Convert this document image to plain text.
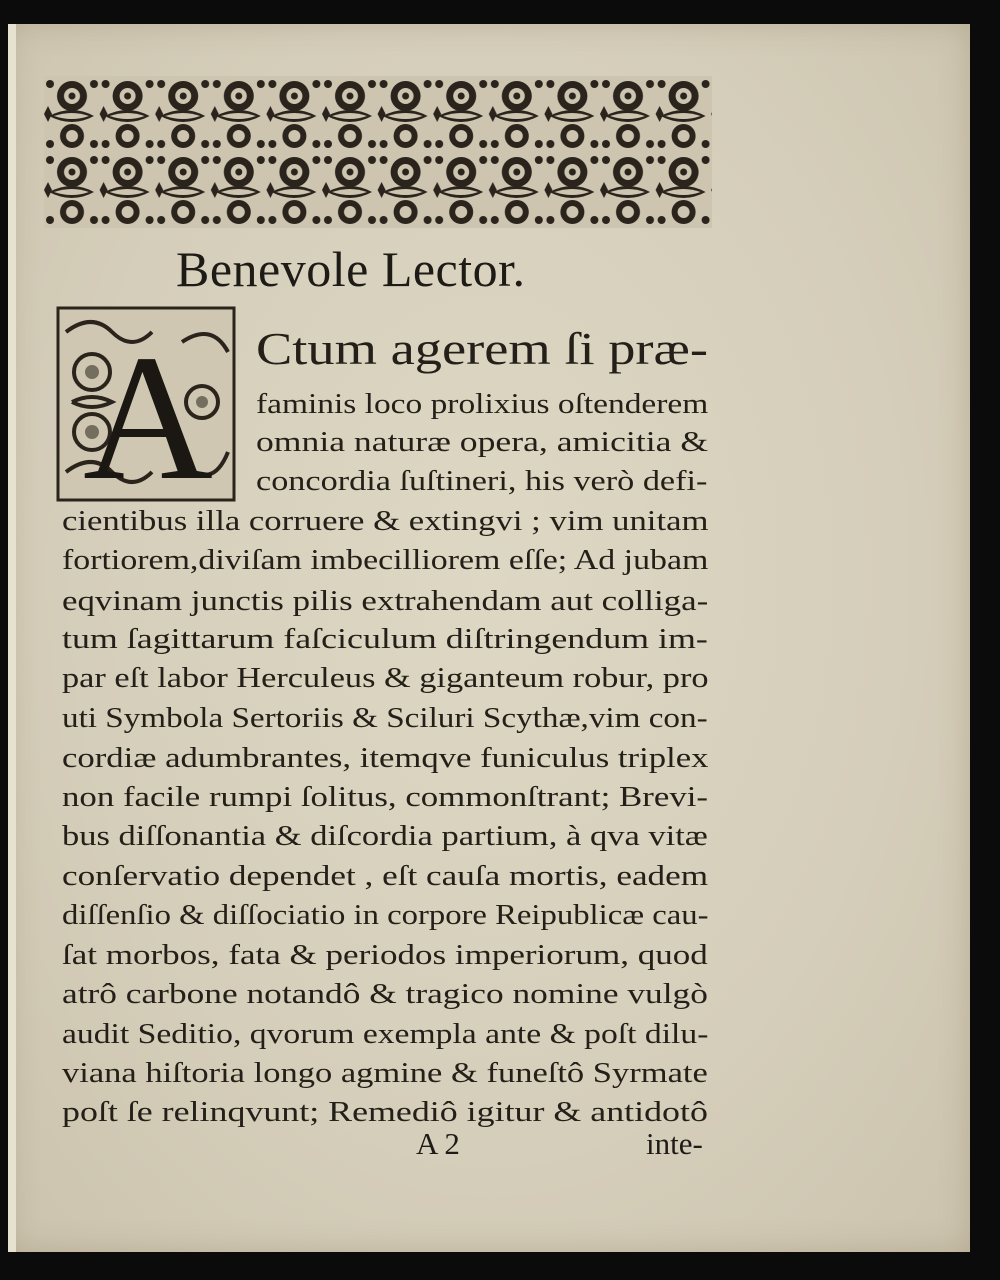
Benevole Lector.
A Ctum agerem ſi præ-
faminis loco prolixius oſtenderem
omnia naturæ opera, amicitia &
concordia ſuſtineri, his verò defi-
cientibus illa corruere & extingvi ; vim unitam
fortiorem,diviſam imbecilliorem eſſe; Ad jubam
eqvinam junctis pilis extrahendam aut colliga-
tum ſagittarum faſciculum diſtringendum im-
par eſt labor Herculeus & giganteum robur, pro
uti Symbola Sertoriis & Sciluri Scythæ,vim con-
cordiæ adumbrantes, itemqve funiculus triplex
non facile rumpi ſolitus, commonſtrant; Brevi-
bus diſſonantia & diſcordia partium, à qva vitæ
conſervatio dependet , eſt cauſa mortis, eadem
diſſenſio & diſſociatio in corpore Reipublicæ cau-
ſat morbos, fata & periodos imperiorum, quod
atrô carbone notandô & tragico nomine vulgò
audit Seditio, qvorum exempla ante & poſt dilu-
viana hiſtoria longo agmine & funeſtô Syrmate
poſt ſe relinqvunt; Remediô igitur & antidotô
A 2	inte-
